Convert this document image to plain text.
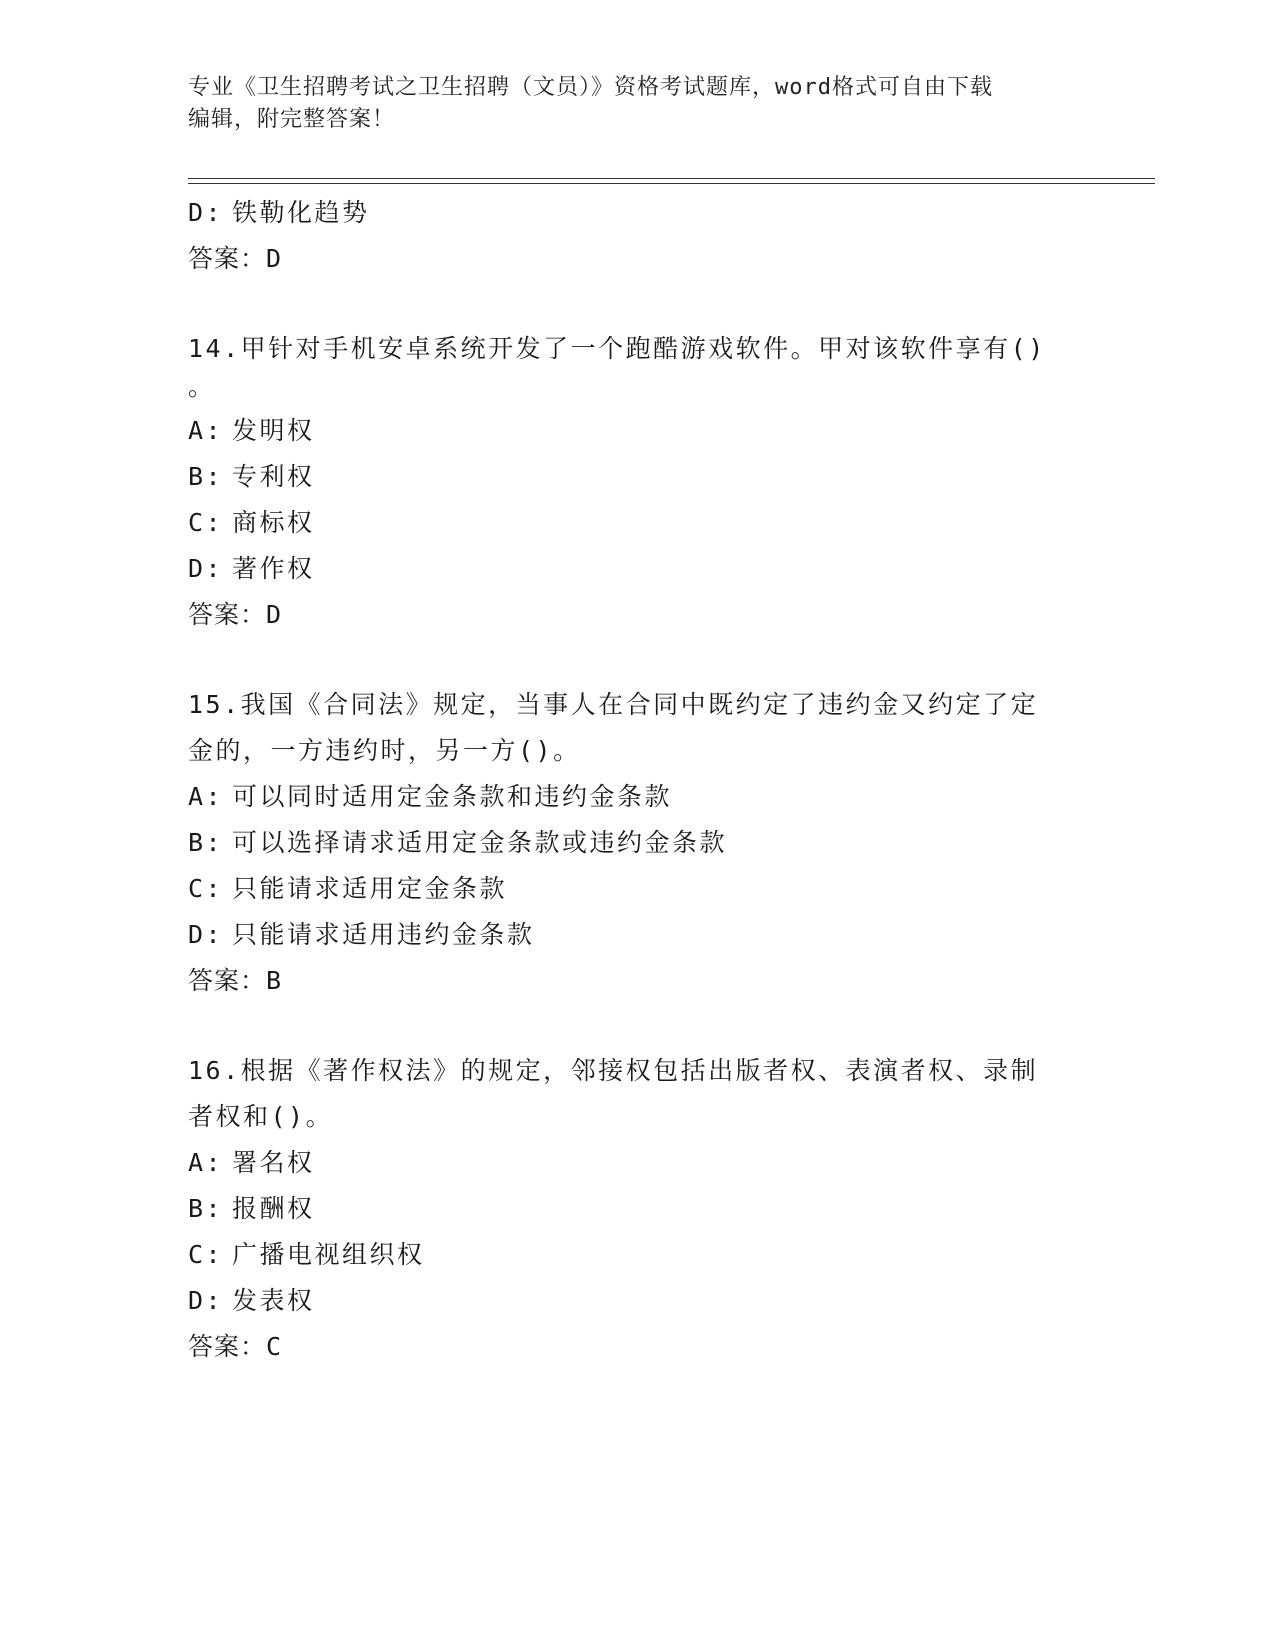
专业《卫生招聘考试之卫生招聘（文员）》资格考试题库，word格式可自由下载
编辑，附完整答案！
D: 铁勒化趋势
答案：D
14.甲针对手机安卓系统开发了一个跑酷游戏软件。甲对该软件享有()
。
A: 发明权
B: 专利权
C: 商标权
D: 著作权
答案：D
15.我国《合同法》规定，当事人在合同中既约定了违约金又约定了定
金的，一方违约时，另一方()。
A: 可以同时适用定金条款和违约金条款
B: 可以选择请求适用定金条款或违约金条款
C: 只能请求适用定金条款
D: 只能请求适用违约金条款
答案：B
16.根据《著作权法》的规定，邻接权包括出版者权、表演者权、录制
者权和()。
A: 署名权
B: 报酬权
C: 广播电视组织权
D: 发表权
答案：C
